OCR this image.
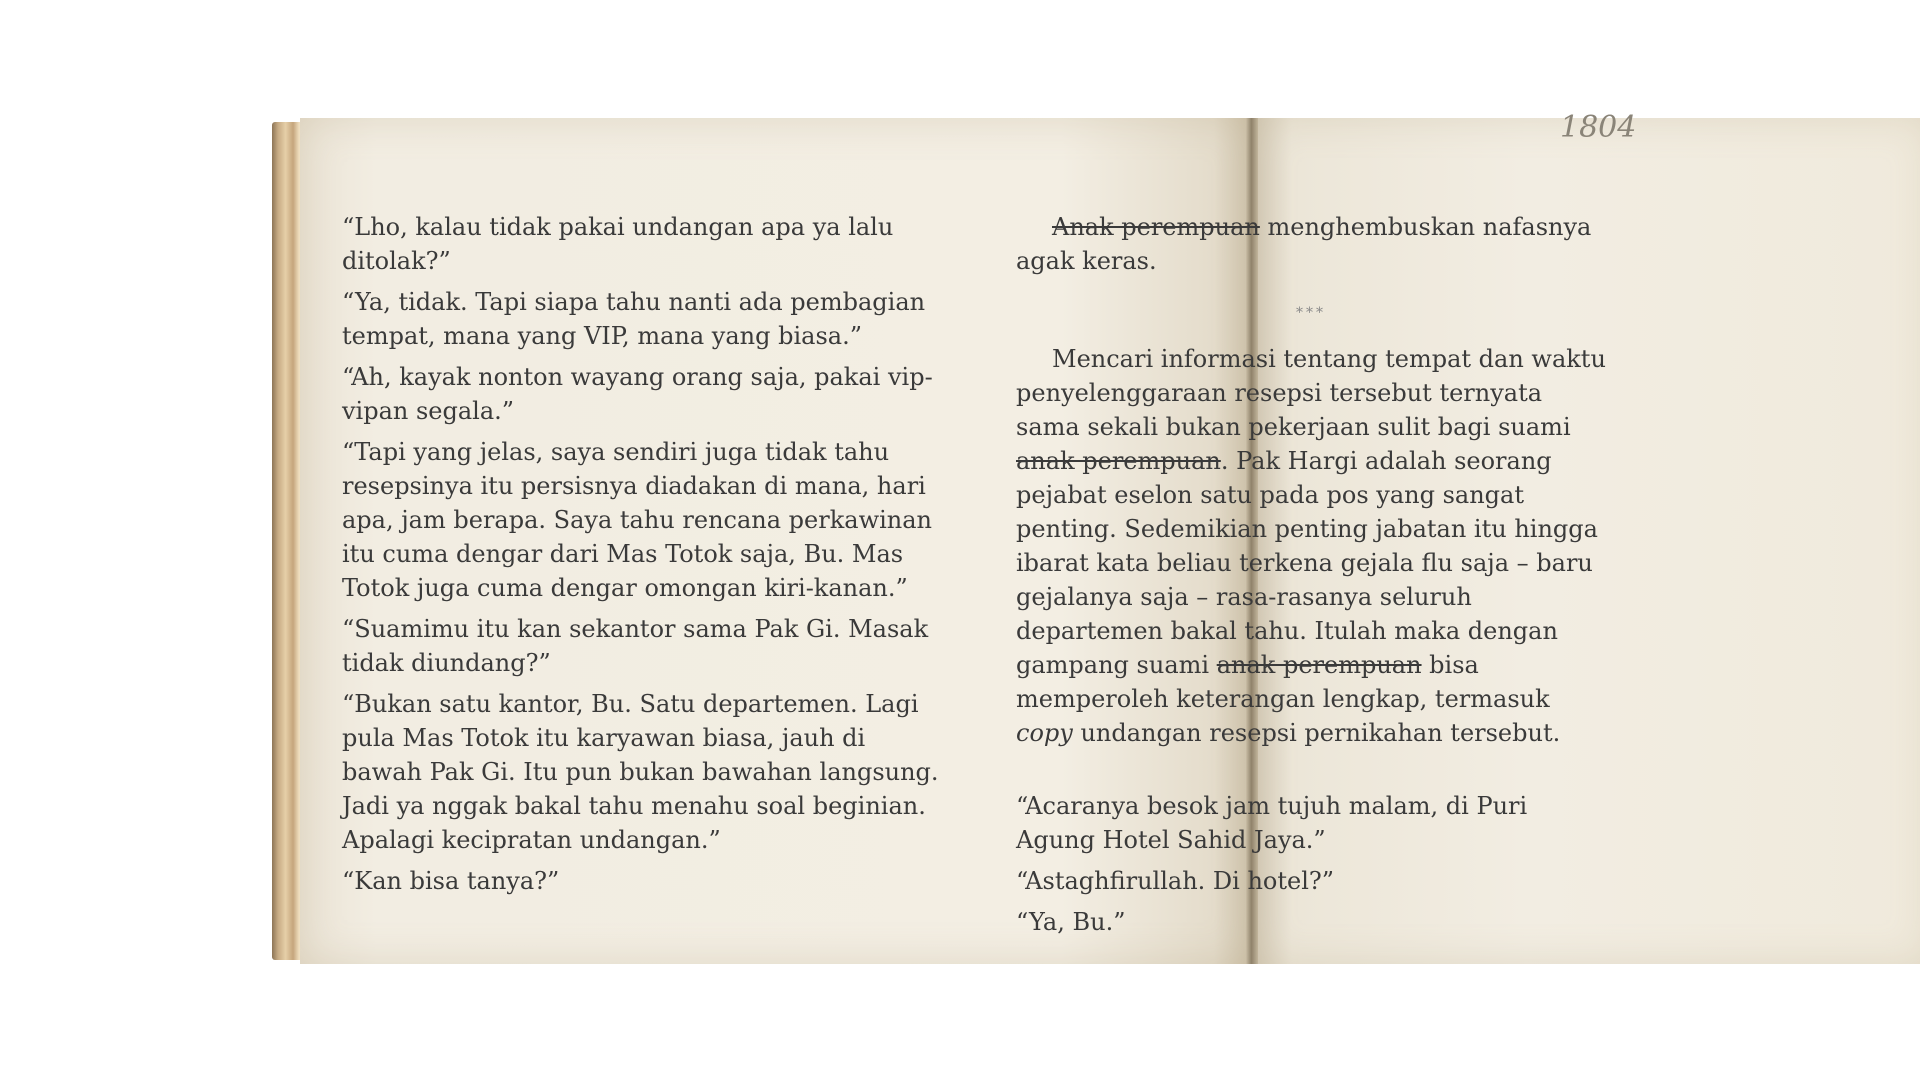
1804

“Lho, kalau tidak pakai undangan apa ya lalu ditolak?”

“Ya, tidak. Tapi siapa tahu nanti ada pembagian tempat, mana yang VIP, mana yang biasa.”

“Ah, kayak nonton wayang orang saja, pakai vip-vipan segala.”

“Tapi yang jelas, saya sendiri juga tidak tahu resepsinya itu persisnya diadakan di mana, hari apa, jam berapa. Saya tahu rencana perkawinan itu cuma dengar dari Mas Totok saja, Bu. Mas Totok juga cuma dengar omongan kiri-kanan.”

“Suamimu itu kan sekantor sama Pak Gi. Masak tidak diundang?”

“Bukan satu kantor, Bu. Satu departemen. Lagi pula Mas Totok itu karyawan biasa, jauh di bawah Pak Gi. Itu pun bukan bawahan langsung. Jadi ya nggak bakal tahu menahu soal beginian. Apalagi kecipratan undangan.”

“Kan bisa tanya?”

Anak perempuan menghembuskan nafasnya agak keras.

***

Mencari informasi tentang tempat dan waktu penyelenggaraan resepsi tersebut ternyata sama sekali bukan pekerjaan sulit bagi suami anak perempuan. Pak Hargi adalah seorang pejabat eselon satu pada pos yang sangat penting. Sedemikian penting jabatan itu hingga ibarat kata beliau terkena gejala flu saja – baru gejalanya saja – rasa-rasanya seluruh departemen bakal tahu. Itulah maka dengan gampang suami anak perempuan bisa memperoleh keterangan lengkap, termasuk copy undangan resepsi pernikahan tersebut.

“Acaranya besok jam tujuh malam, di Puri Agung Hotel Sahid Jaya.”

“Astaghfirullah. Di hotel?”

“Ya, Bu.”
